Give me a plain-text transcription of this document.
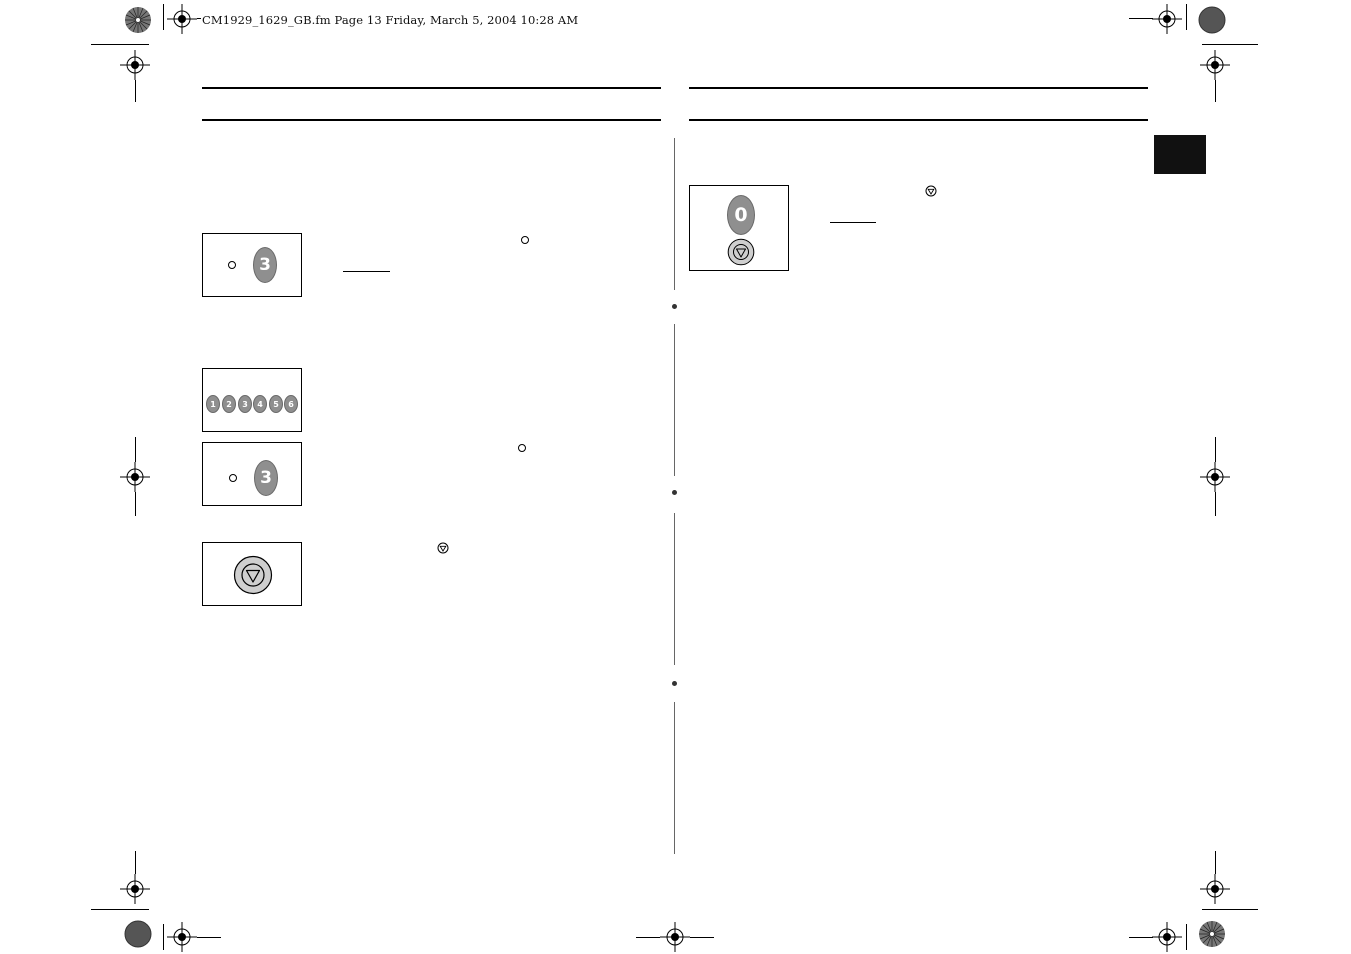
CM1929_1629_GB.fm Page 13 Friday, March 5, 2004 10:28 AM
3
1	2	3	4	5	6
3
0
